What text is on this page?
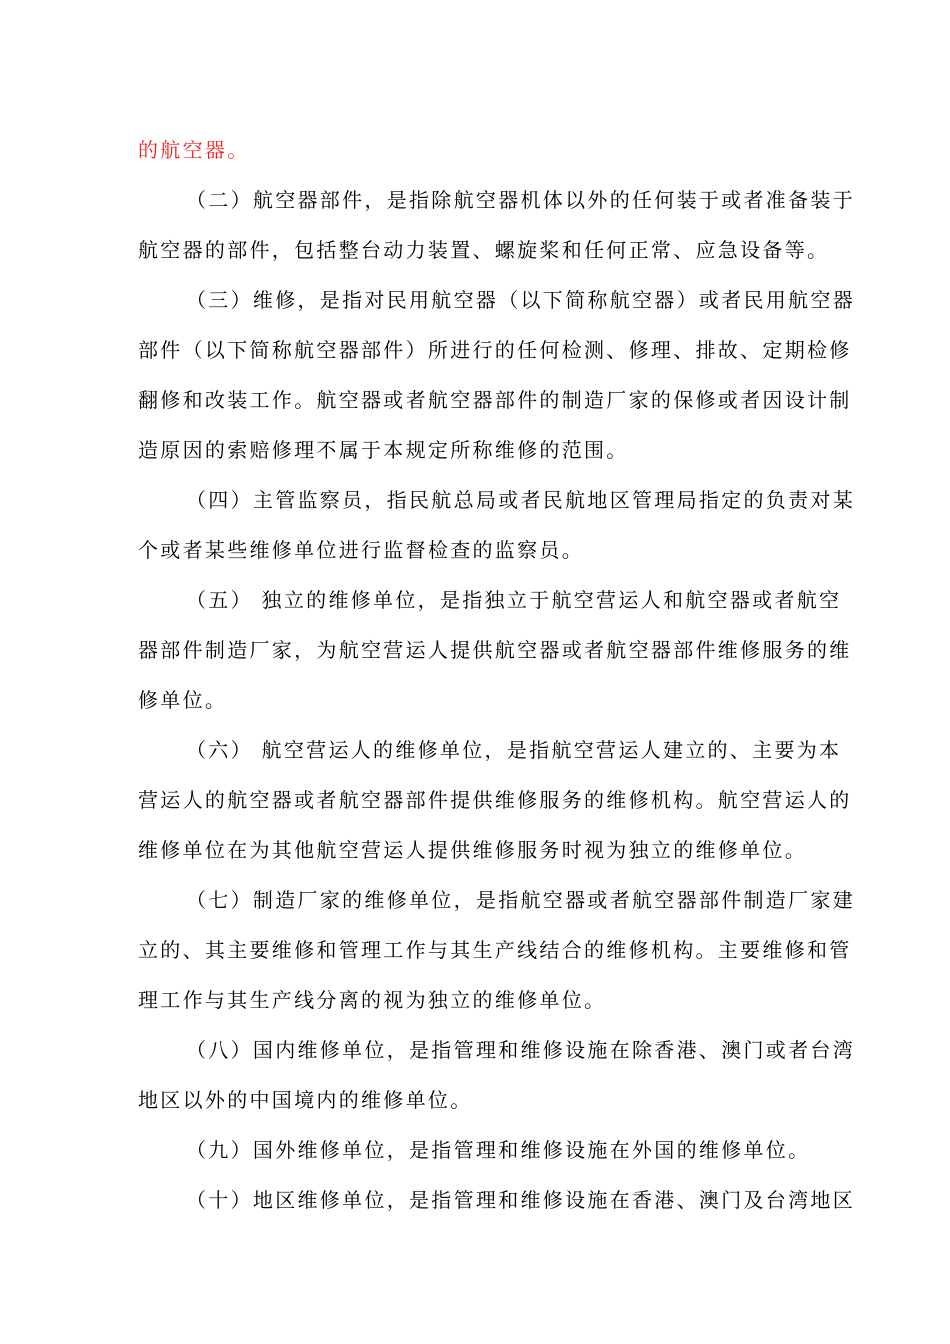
的航空器。
（二）航空器部件，是指除航空器机体以外的任何装于或者准备装于
航空器的部件，包括整台动力装置、螺旋桨和任何正常、应急设备等。
（三）维修，是指对民用航空器（以下简称航空器）或者民用航空器
部件（以下简称航空器部件）所进行的任何检测、修理、排故、定期检修
翻修和改装工作。航空器或者航空器部件的制造厂家的保修或者因设计制
造原因的索赔修理不属于本规定所称维修的范围。
（四）主管监察员，指民航总局或者民航地区管理局指定的负责对某
个或者某些维修单位进行监督检查的监察员。
（五） 独立的维修单位，是指独立于航空营运人和航空器或者航空
器部件制造厂家，为航空营运人提供航空器或者航空器部件维修服务的维
修单位。
（六） 航空营运人的维修单位，是指航空营运人建立的、主要为本
营运人的航空器或者航空器部件提供维修服务的维修机构。航空营运人的
维修单位在为其他航空营运人提供维修服务时视为独立的维修单位。
（七）制造厂家的维修单位，是指航空器或者航空器部件制造厂家建
立的、其主要维修和管理工作与其生产线结合的维修机构。主要维修和管
理工作与其生产线分离的视为独立的维修单位。
（八）国内维修单位，是指管理和维修设施在除香港、澳门或者台湾
地区以外的中国境内的维修单位。
（九）国外维修单位，是指管理和维修设施在外国的维修单位。
（十）地区维修单位，是指管理和维修设施在香港、澳门及台湾地区
